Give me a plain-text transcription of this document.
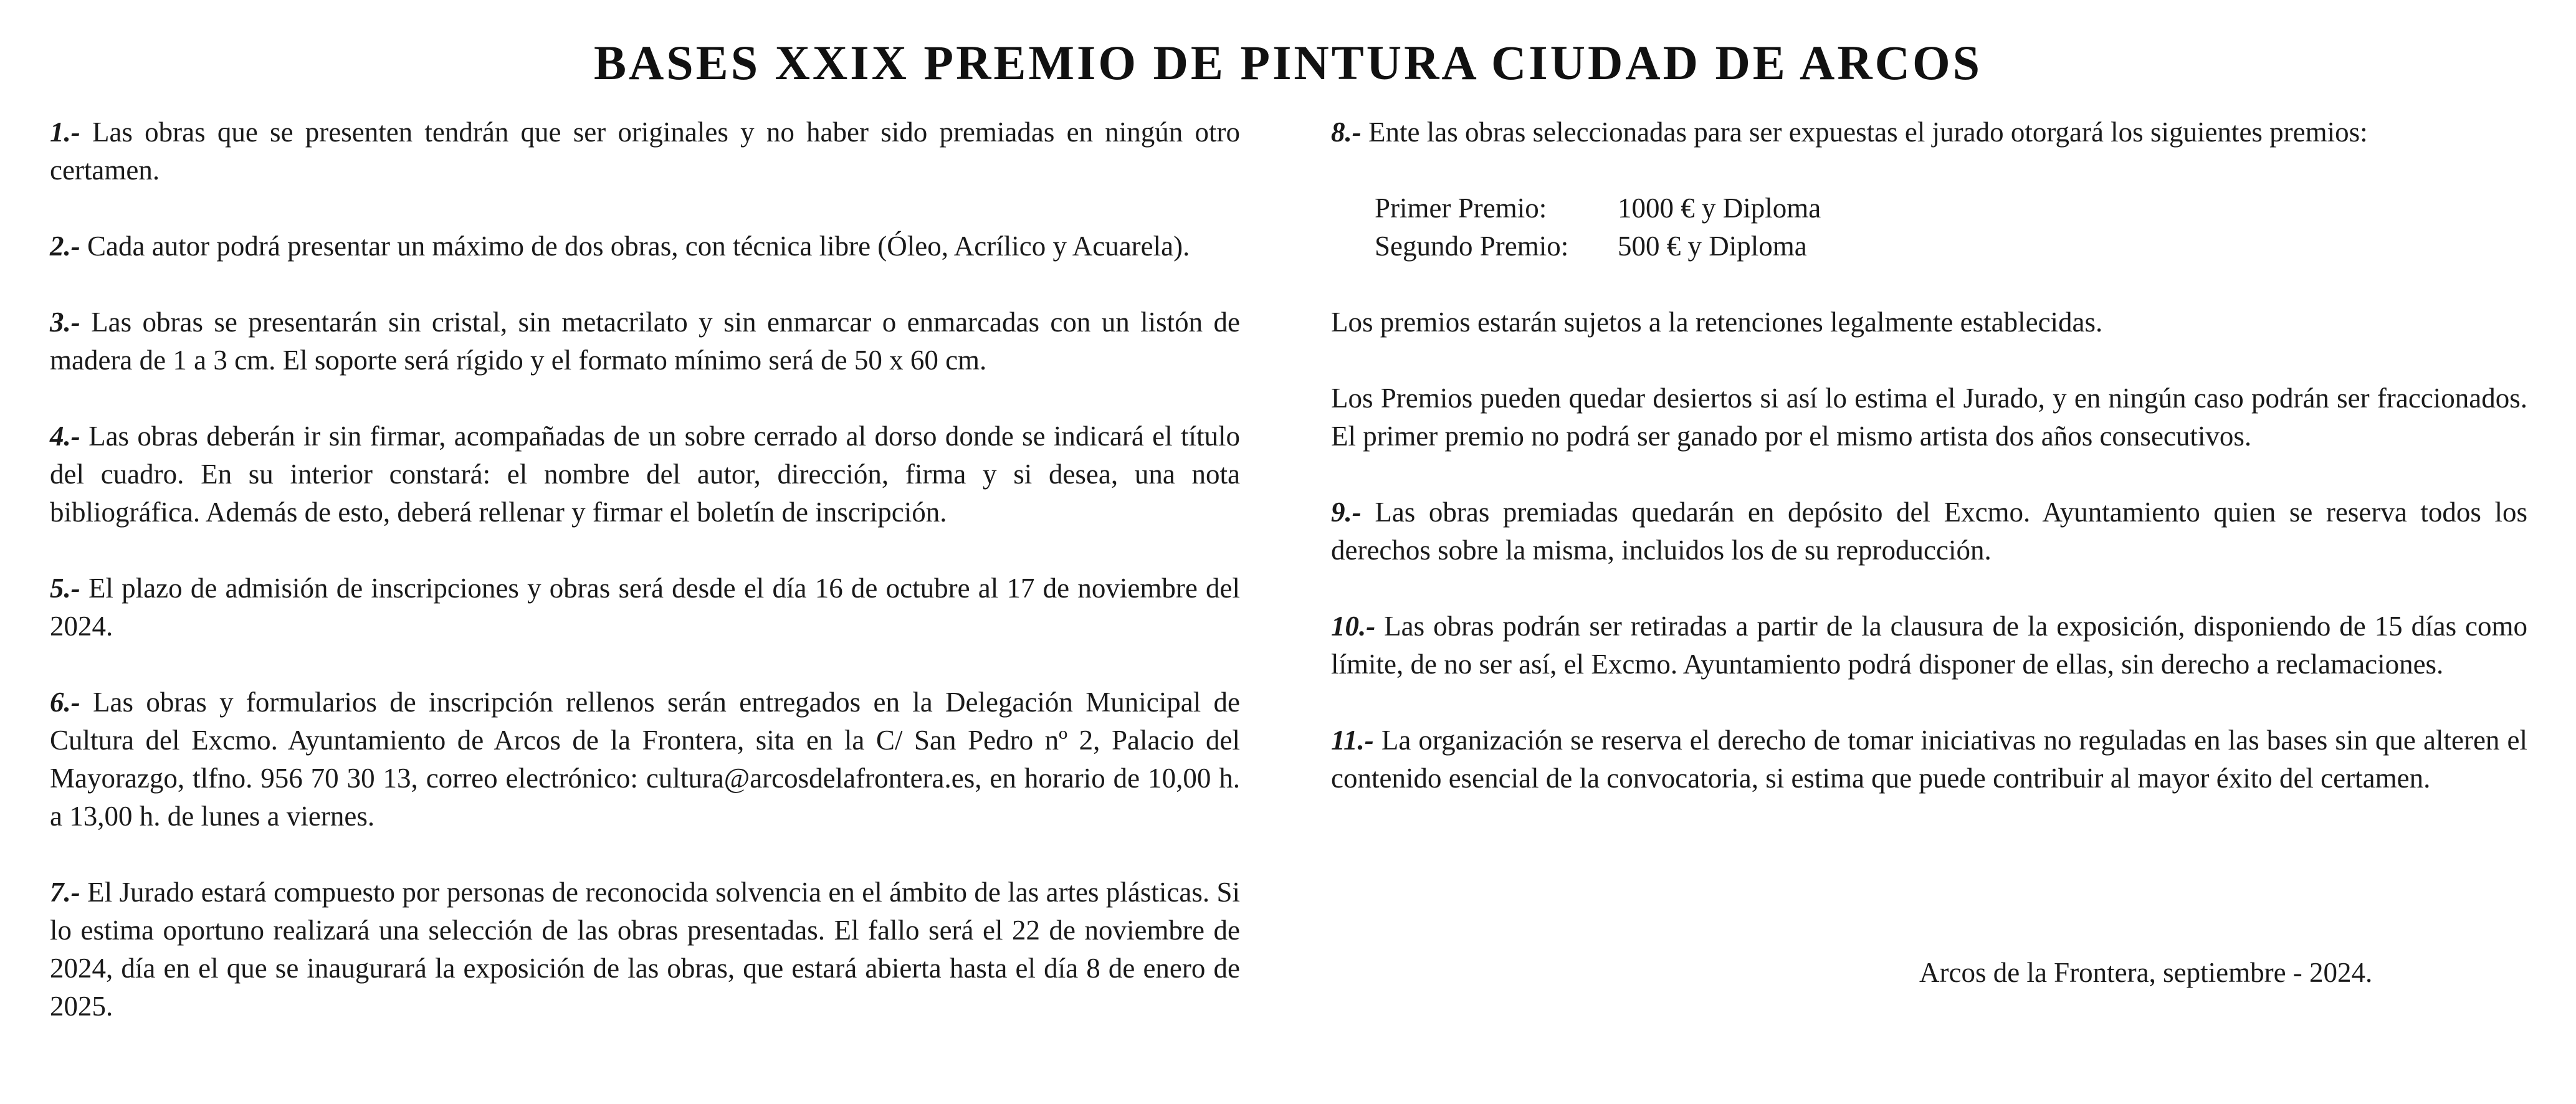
BASES XXIX PREMIO DE PINTURA CIUDAD DE ARCOS

1.- Las obras que se presenten tendrán que ser originales y no haber sido premiadas en ningún otro certamen.

2.- Cada autor podrá presentar un máximo de dos obras, con técnica libre (Óleo, Acrílico y Acuarela).

3.- Las obras se presentarán sin cristal, sin metacrilato y sin enmarcar o enmarcadas con un listón de madera de 1 a 3 cm. El soporte será rígido y el formato mínimo será de 50 x 60 cm.

4.- Las obras deberán ir sin firmar, acompañadas de un sobre cerrado al dorso donde se indicará el título del cuadro. En su interior constará: el nombre del autor, dirección, firma y si desea, una nota bibliográfica. Además de esto, deberá rellenar y firmar el boletín de inscripción.

5.- El plazo de admisión de inscripciones y obras será desde el día 16 de octubre al 17 de noviembre del 2024.

6.- Las obras y formularios de inscripción rellenos serán entregados en la Delegación Municipal de Cultura del Excmo. Ayuntamiento de Arcos de la Frontera, sita en la C/ San Pedro nº 2, Palacio del Mayorazgo, tlfno. 956 70 30 13, correo electrónico: cultura@arcosdelafrontera.es, en horario de 10,00 h. a 13,00 h. de lunes a viernes.

7.- El Jurado estará compuesto por personas de reconocida solvencia en el ámbito de las artes plásticas. Si lo estima oportuno realizará una selección de las obras presentadas. El fallo será el 22 de noviembre de 2024, día en el que se inaugurará la exposición de las obras, que estará abierta hasta el día 8 de enero de 2025.

8.- Ente las obras seleccionadas para ser expuestas el jurado otorgará los siguientes premios:

Primer Premio:	1000 € y Diploma
Segundo Premio:	500 € y Diploma

Los premios estarán sujetos a la retenciones legalmente establecidas.

Los Premios pueden quedar desiertos si así lo estima el Jurado, y en ningún caso podrán ser fraccionados. El primer premio no podrá ser ganado por el mismo artista dos años consecutivos.

9.- Las obras premiadas quedarán en depósito del Excmo. Ayuntamiento quien se reserva todos los derechos sobre la misma, incluidos los de su reproducción.

10.- Las obras podrán ser retiradas a partir de la clausura de la exposición, disponiendo de 15 días como límite, de no ser así, el Excmo. Ayuntamiento podrá disponer de ellas, sin derecho a reclamaciones.

11.- La organización se reserva el derecho de tomar iniciativas no reguladas en las bases sin que alteren el contenido esencial de la convocatoria, si estima que puede contribuir al mayor éxito del certamen.

Arcos de la Frontera, septiembre - 2024.
